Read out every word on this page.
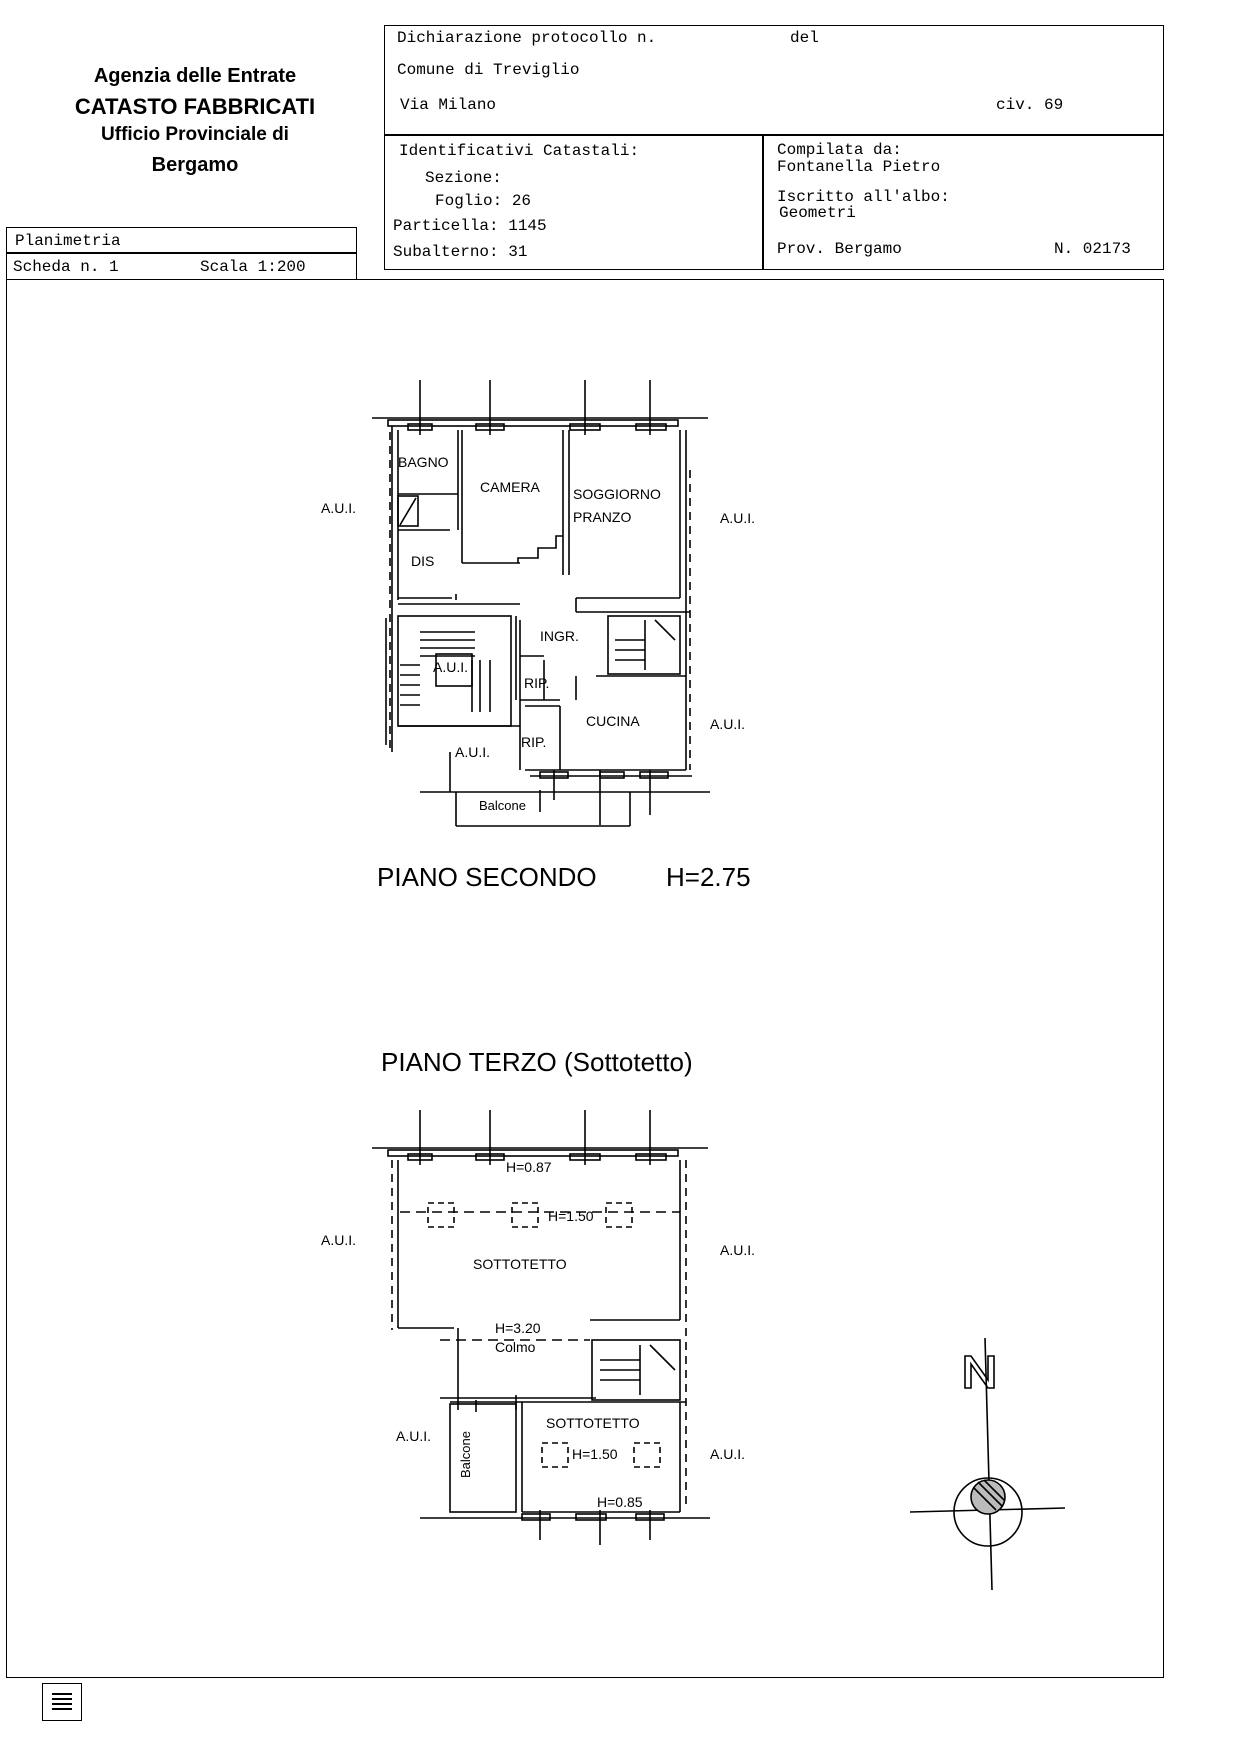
Agenzia delle Entrate
CATASTO FABBRICATI
Ufficio Provinciale di
Bergamo
Dichiarazione protocollo n.	del
Comune di Treviglio
Via Milano	civ. 69
Identificativi Catastali:
Sezione:
Foglio: 26
Particella: 1145
Subalterno: 31
Compilata da:
Fontanella Pietro
Iscritto all'albo:
Geometri
Prov. Bergamo	N. 02173
Planimetria
Scheda n. 1	Scala 1:200
BAGNO
CAMERA SOGGIORNO
PRANZO
DIS
INGR.
A.U.I.
RIP.
RIP.
CUCINA
Balcone
A.U.I.
A.U.I.
A.U.I.
A.U.I.
PIANO SECONDO	H=2.75
PIANO TERZO (Sottotetto)
H=0.87
H=1.50
SOTTOTETTO
H=3.20
Colmo
SOTTOTETTO
H=1.50
H=0.85
Balcone
A.U.I.
A.U.I.
A.U.I.
A.U.I.
